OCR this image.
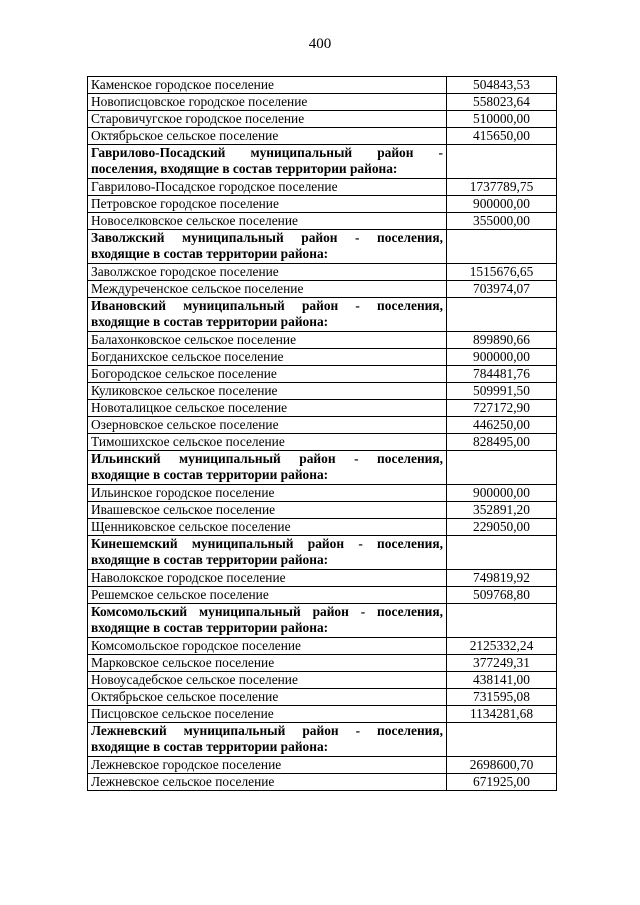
400
Каменское городское поселение	504843,53
Новописцовское городское поселение	558023,64
Старовичугское городское поселение	510000,00
Октябрьское сельское поселение	415650,00
Гаврилово-Посадский муниципальный район - поселения, входящие в состав территории района:	
Гаврилово-Посадское городское поселение	1737789,75
Петровское городское поселение	900000,00
Новоселковское сельское поселение	355000,00
Заволжский муниципальный район - поселения, входящие в состав территории района:	
Заволжское городское поселение	1515676,65
Междуреченское сельское поселение	703974,07
Ивановский муниципальный район - поселения, входящие в состав территории района:	
Балахонковское сельское поселение	899890,66
Богданихское сельское поселение	900000,00
Богородское сельское поселение	784481,76
Куликовское сельское поселение	509991,50
Новоталицкое сельское поселение	727172,90
Озерновское сельское поселение	446250,00
Тимошихское сельское поселение	828495,00
Ильинский муниципальный район - поселения, входящие в состав территории района:	
Ильинское городское поселение	900000,00
Ивашевское сельское поселение	352891,20
Щенниковское сельское поселение	229050,00
Кинешемский муниципальный район - поселения, входящие в состав территории района:	
Наволокское городское поселение	749819,92
Решемское сельское поселение	509768,80
Комсомольский муниципальный район - поселения, входящие в состав территории района:	
Комсомольское городское поселение	2125332,24
Марковское сельское поселение	377249,31
Новоусадебское сельское поселение	438141,00
Октябрьское сельское поселение	731595,08
Писцовское сельское поселение	1134281,68
Лежневский муниципальный район - поселения, входящие в состав территории района:	
Лежневское городское поселение	2698600,70
Лежневское сельское поселение	671925,00
